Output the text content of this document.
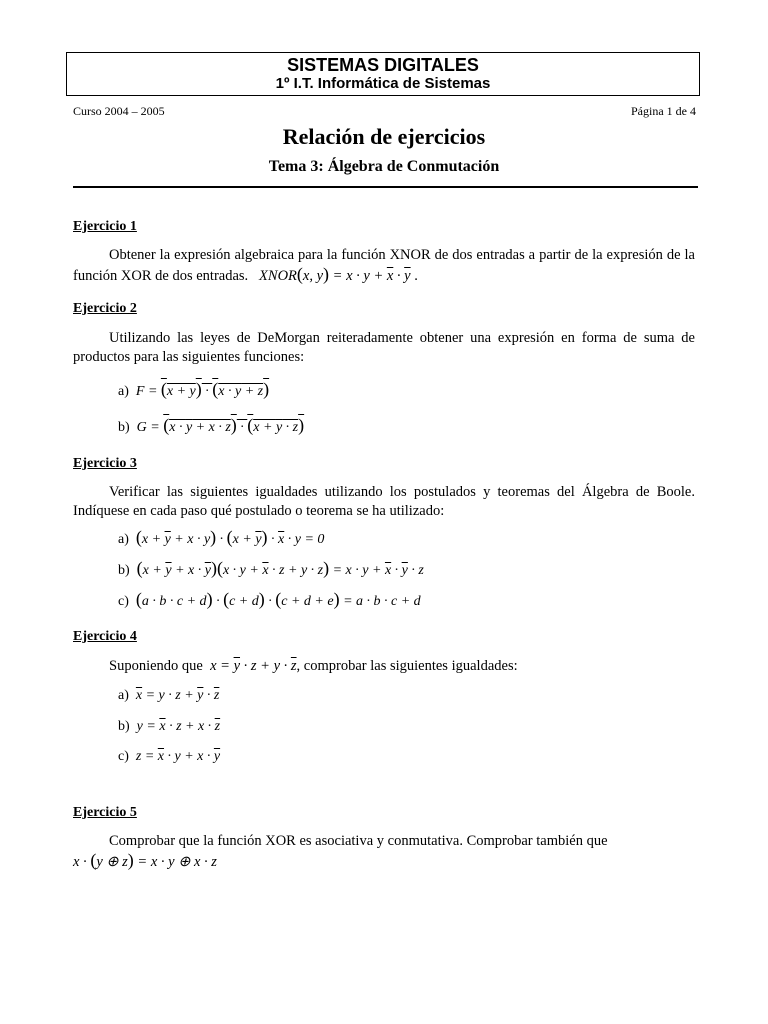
SISTEMAS DIGITALES
1º I.T. Informática de Sistemas
Curso 2004 – 2005	Página 1 de 4
Relación de ejercicios
Tema 3: Álgebra de Conmutación
Ejercicio 1
Obtener la expresión algebraica para la función XNOR de dos entradas a partir de la expresión de la función XOR de dos entradas.   XNOR(x, $y) = x \cdot y + \overline{x} \cdot \overline{y}$ .
Ejercicio 2
Utilizando las leyes de DeMorgan reiteradamente obtener una expresión en forma de suma de productos para las siguientes funciones:
a)  F = (x + y) · (x · y + z)
b)  G = (x · y + x · z) · (x + y · z)
Ejercicio 3
Verificar las siguientes igualdades utilizando los postulados y teoremas del Álgebra de Boole. Indíquese en cada paso qué postulado o teorema se ha utilizado:
a) $(x + \overline{y} + x \cdot y) \cdot (x + \overline{y}) \cdot \overline{x} \cdot y = 0$
b) $(x + \overline{y} + x \cdot \overline{y})(x \cdot y + \overline{x} \cdot z + y \cdot z) = x \cdot y + \overline{x} \cdot \overline{y} \cdot z$
c) (a · b · c + d) · (c + d) · (c + d + e) = a · b · c + d
Ejercicio 4
Suponiendo que  $x = \overline{y} \cdot z + y \cdot \overline{z}$, comprobar las siguientes igualdades:
a) $\overline{x} = y \cdot z + \overline{y} \cdot \overline{z}$
b)  $y = \overline{x} \cdot z + x \cdot \overline{z}$
c)  $z = \overline{x} \cdot y + x \cdot \overline{y}$
Ejercicio 5
Comprobar que la función XOR es asociativa y conmutativa. Comprobar también que
x · (y ⊕ z) = x · y ⊕ x · z
